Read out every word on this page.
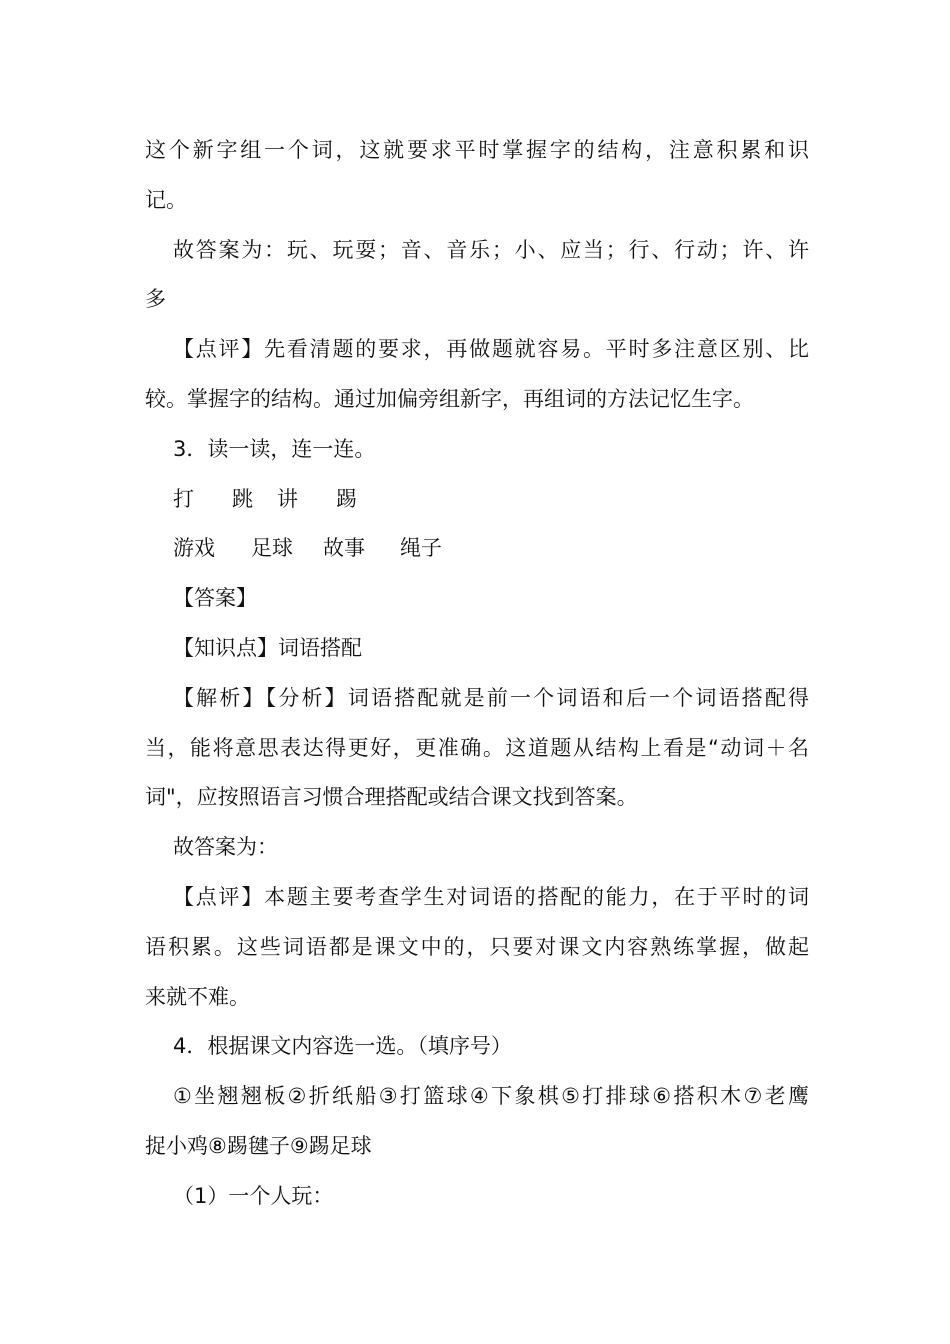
这个新字组一个词，这就要求平时掌握字的结构，注意积累和识
记。
故答案为：玩、玩耍；音、音乐；小、应当；行、行动；许、许
多
【点评】先看清题的要求，再做题就容易。平时多注意区别、比
较。掌握字的结构。通过加偏旁组新字，再组词的方法记忆生字。
3．读一读，连一连。
打 跳 讲 踢
游戏 足球 故事 绳子
【答案】
【知识点】词语搭配
【解析】【分析】词语搭配就是前一个词语和后一个词语搭配得
当，能将意思表达得更好，更准确。这道题从结构上看是“动词＋名
词"，应按照语言习惯合理搭配或结合课文找到答案。
故答案为：
【点评】本题主要考查学生对词语的搭配的能力，在于平时的词
语积累。这些词语都是课文中的，只要对课文内容熟练掌握，做起
来就不难。
4．根据课文内容选一选。（填序号）
①坐翘翘板②折纸船③打篮球④下象棋⑤打排球⑥搭积木⑦老鹰
捉小鸡⑧踢毽子⑨踢足球
（1）一个人玩：
